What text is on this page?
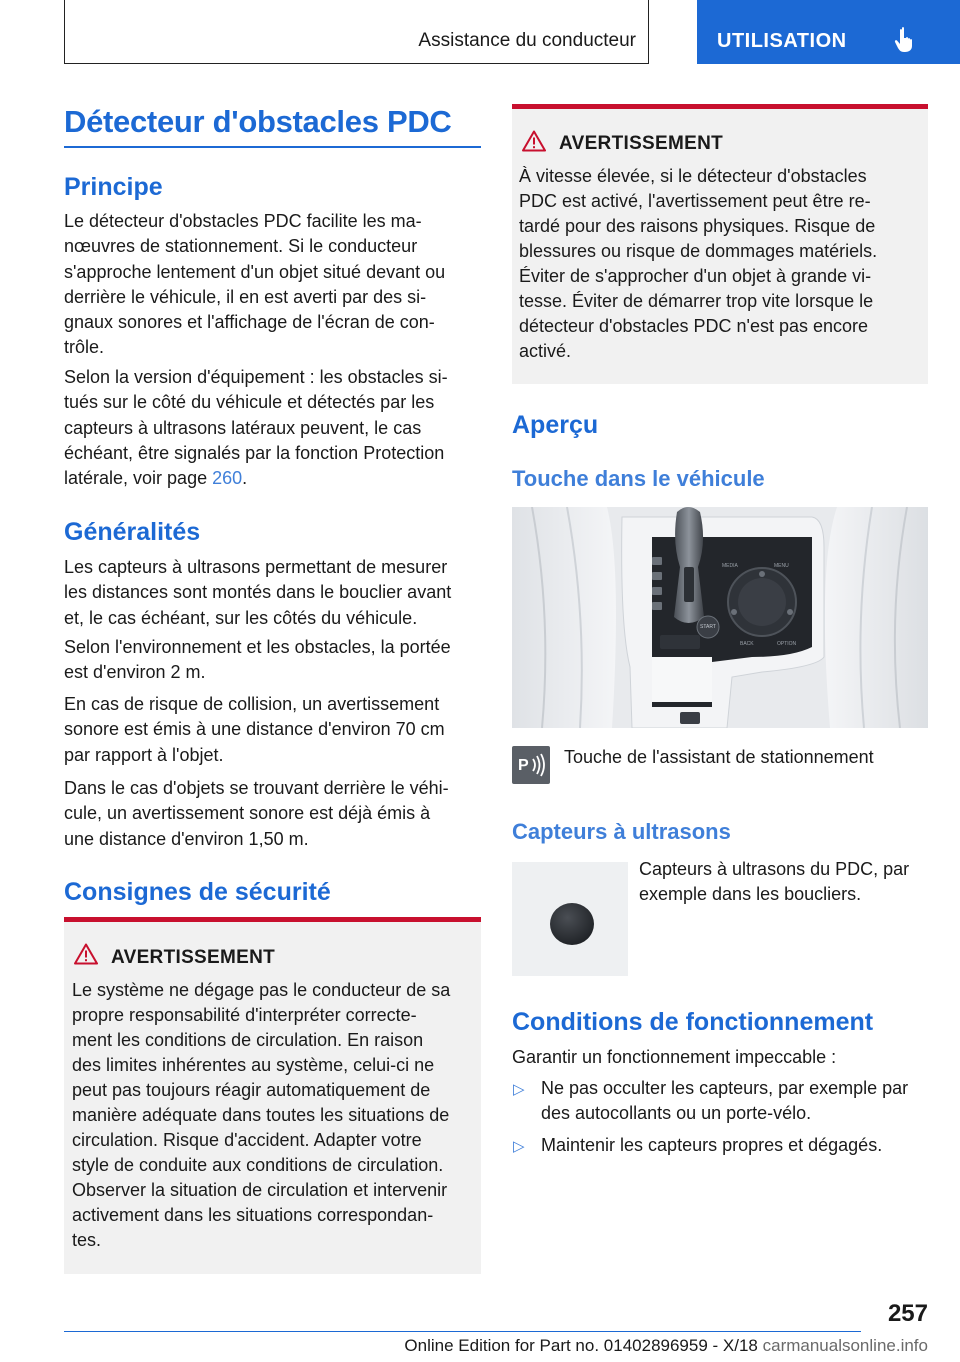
Assistance du conducteur	UTILISATION
Détecteur d'obstacles PDC
Principe
Le détecteur d'obstacles PDC facilite les ma-
nœuvres de stationnement. Si le conducteur
s'approche lentement d'un objet situé devant ou
derrière le véhicule, il en est averti par des si-
gnaux sonores et l'affichage de l'écran de con-
trôle.
Selon la version d'équipement : les obstacles si-
tués sur le côté du véhicule et détectés par les
capteurs à ultrasons latéraux peuvent, le cas
échéant, être signalés par la fonction Protection
latérale, voir page 260.
Généralités
Les capteurs à ultrasons permettant de mesurer
les distances sont montés dans le bouclier avant
et, le cas échéant, sur les côtés du véhicule.
Selon l'environnement et les obstacles, la portée
est d'environ 2 m.
En cas de risque de collision, un avertissement
sonore est émis à une distance d'environ 70 cm
par rapport à l'objet.
Dans le cas d'objets se trouvant derrière le véhi-
cule, un avertissement sonore est déjà émis à
une distance d'environ 1,50 m.
Consignes de sécurité
AVERTISSEMENT
Le système ne dégage pas le conducteur de sa
propre responsabilité d'interpréter correcte-
ment les conditions de circulation. En raison
des limites inhérentes au système, celui-ci ne
peut pas toujours réagir automatiquement de
manière adéquate dans toutes les situations de
circulation. Risque d'accident. Adapter votre
style de conduite aux conditions de circulation.
Observer la situation de circulation et intervenir
activement dans les situations correspondan-
tes.
AVERTISSEMENT
À vitesse élevée, si le détecteur d'obstacles
PDC est activé, l'avertissement peut être re-
tardé pour des raisons physiques. Risque de
blessures ou risque de dommages matériels.
Éviter de s'approcher d'un objet à grande vi-
tesse. Éviter de démarrer trop vite lorsque le
détecteur d'obstacles PDC n'est pas encore
activé.
Aperçu
Touche dans le véhicule
MEDIA	MENU
BACK	OPTION
START
P Touche de l'assistant de stationnement
Capteurs à ultrasons
Capteurs à ultrasons du PDC, par
exemple dans les boucliers.
Conditions de fonctionnement
Garantir un fonctionnement impeccable :
▷ Ne pas occulter les capteurs, par exemple par
des autocollants ou un porte-vélo.
▷ Maintenir les capteurs propres et dégagés.
257
Online Edition for Part no. 01402896959 - X/18 carmanualsonline.info
